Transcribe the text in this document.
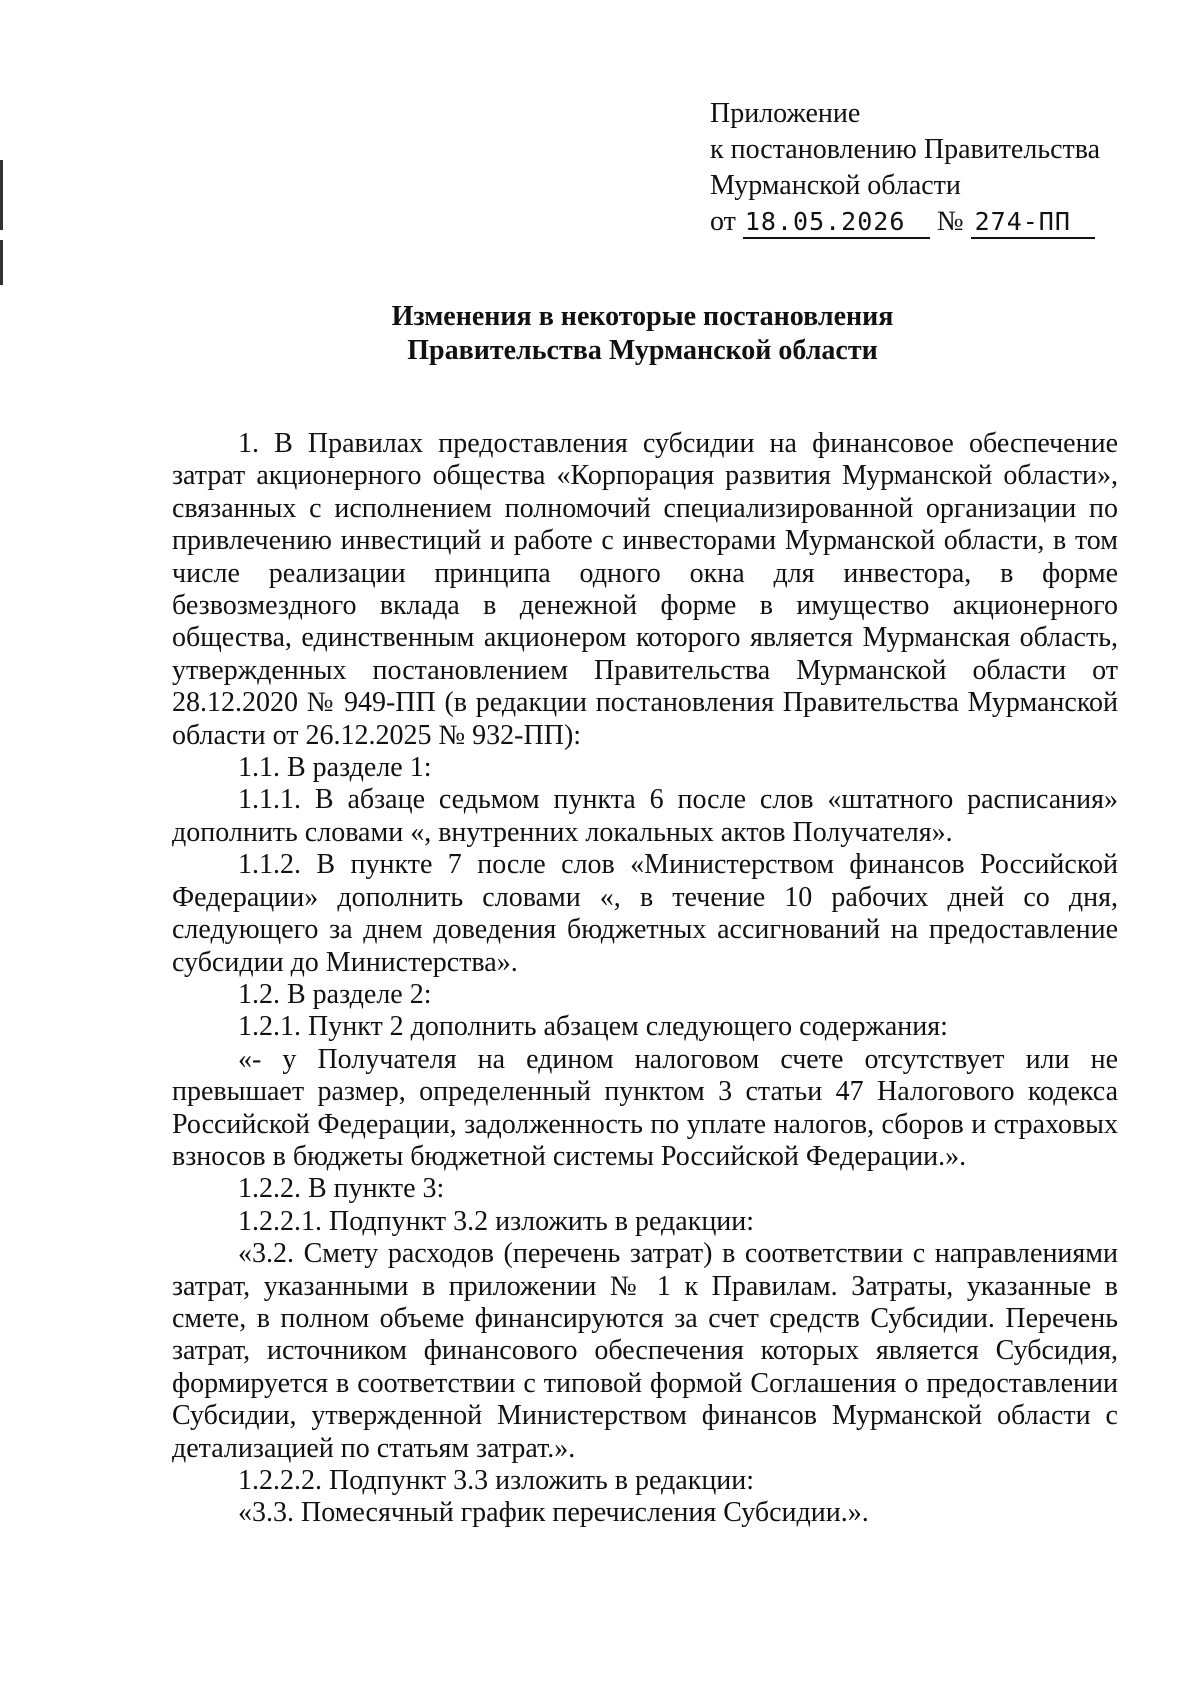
Приложение
к постановлению Правительства
Мурманской области
от 18.05.2026 № 274-ПП
Изменения в некоторые постановления
Правительства Мурманской области

1. В Правилах предоставления субсидии на финансовое обеспечение затрат акционерного общества «Корпорация развития Мурманской области», связанных с исполнением полномочий специализированной организации по привлечению инвестиций и работе с инвесторами Мурманской области, в том числе реализации принципа одного окна для инвестора, в форме безвозмездного вклада в денежной форме в имущество акционерного общества, единственным акционером которого является Мурманская область, утвержденных постановлением Правительства Мурманской области от 28.12.2020 № 949-ПП (в редакции постановления Правительства Мурманской области от 26.12.2025 № 932-ПП):

1.1. В разделе 1:

1.1.1. В абзаце седьмом пункта 6 после слов «штатного расписания» дополнить словами «, внутренних локальных актов Получателя».

1.1.2. В пункте 7 после слов «Министерством финансов Российской Федерации» дополнить словами «, в течение 10 рабочих дней со дня, следующего за днем доведения бюджетных ассигнований на предоставление субсидии до Министерства».

1.2. В разделе 2:

1.2.1. Пункт 2 дополнить абзацем следующего содержания:

«- у Получателя на едином налоговом счете отсутствует или не превышает размер, определенный пунктом 3 статьи 47 Налогового кодекса Российской Федерации, задолженность по уплате налогов, сборов и страховых взносов в бюджеты бюджетной системы Российской Федерации.».

1.2.2. В пункте 3:

1.2.2.1. Подпункт 3.2 изложить в редакции:

«3.2. Смету расходов (перечень затрат) в соответствии с направлениями затрат, указанными в приложении № 1 к Правилам. Затраты, указанные в смете, в полном объеме финансируются за счет средств Субсидии. Перечень затрат, источником финансового обеспечения которых является Субсидия, формируется в соответствии с типовой формой Соглашения о предоставлении Субсидии, утвержденной Министерством финансов Мурманской области с детализацией по статьям затрат.».

1.2.2.2. Подпункт 3.3 изложить в редакции:

«3.3. Помесячный график перечисления Субсидии.».
